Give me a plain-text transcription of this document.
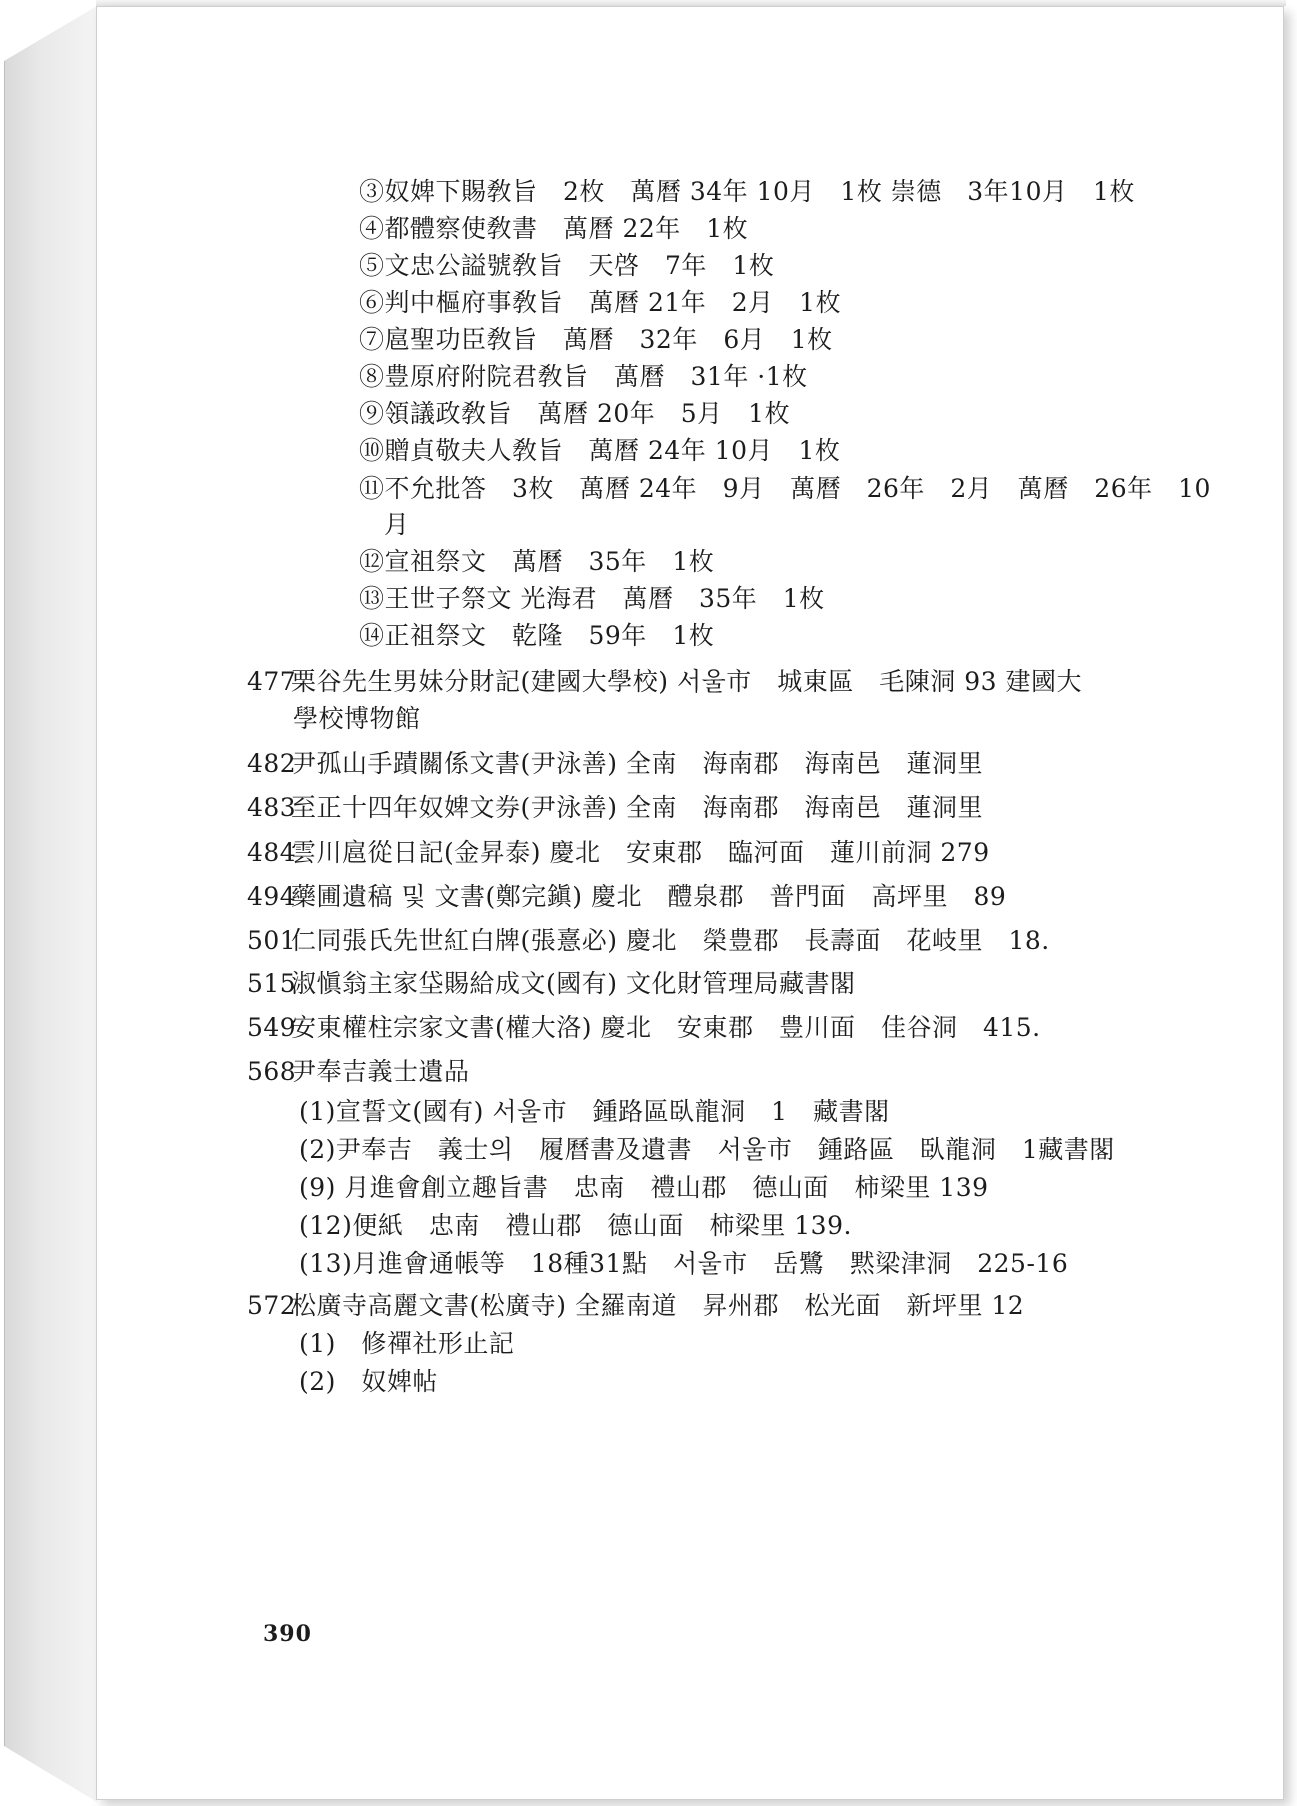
③奴婢下賜敎旨　2枚　萬曆 34年 10月　1枚 崇德　3年10月　1枚
④都體察使敎書　萬曆 22年　1枚
⑤文忠公謚號敎旨　天啓　7年　1枚
⑥判中樞府事敎旨　萬曆 21年　2月　1枚
⑦扈聖功臣敎旨　萬曆　32年　6月　1枚
⑧豊原府附院君敎旨　萬曆　31年 ·1枚
⑨領議政敎旨　萬曆 20年　5月　1枚
⑩贈貞敬夫人敎旨　萬曆 24年 10月　1枚
⑪不允批答　3枚　萬曆 24年　9月　萬曆　26年　2月　萬曆　26年　10
月
⑫宣祖祭文　萬曆　35年　1枚
⑬王世子祭文 光海君　萬曆　35年　1枚
⑭正祖祭文　乾隆　59年　1枚
477栗谷先生男妹分財記(建國大學校) 서울市　城東區　毛陳洞 93 建國大
學校博物館
482尹孤山手蹟關係文書(尹泳善) 全南　海南郡　海南邑　蓮洞里
483至正十四年奴婢文券(尹泳善) 全南　海南郡　海南邑　蓮洞里
484雲川扈從日記(金昇泰) 慶北　安東郡　臨河面　蓮川前洞 279
494藥圃遺稿 및 文書(鄭完鎭) 慶北　醴泉郡　普門面　高坪里　89
501仁同張氏先世紅白牌(張憙必) 慶北　榮豊郡　長壽面　花岐里　18.
515淑愼翁主家垈賜給成文(國有) 文化財管理局藏書閣
549安東權柱宗家文書(權大洛) 慶北　安東郡　豊川面　佳谷洞　415.
568尹奉吉義士遺品
(1)宣誓文(國有) 서울市　鍾路區臥龍洞　1　藏書閣
(2)尹奉吉　義士의　履曆書及遺書　서울市　鍾路區　臥龍洞　1藏書閣
(9) 月進會創立趣旨書　忠南　禮山郡　德山面　柿梁里 139
(12)便紙　忠南　禮山郡　德山面　柿梁里 139.
(13)月進會通帳等　18種31點　서울市　岳鷺　黙梁津洞　225-16
572松廣寺高麗文書(松廣寺) 全羅南道　昇州郡　松光面　新坪里 12
(1)　修禪社形止記
(2)　奴婢帖
390
